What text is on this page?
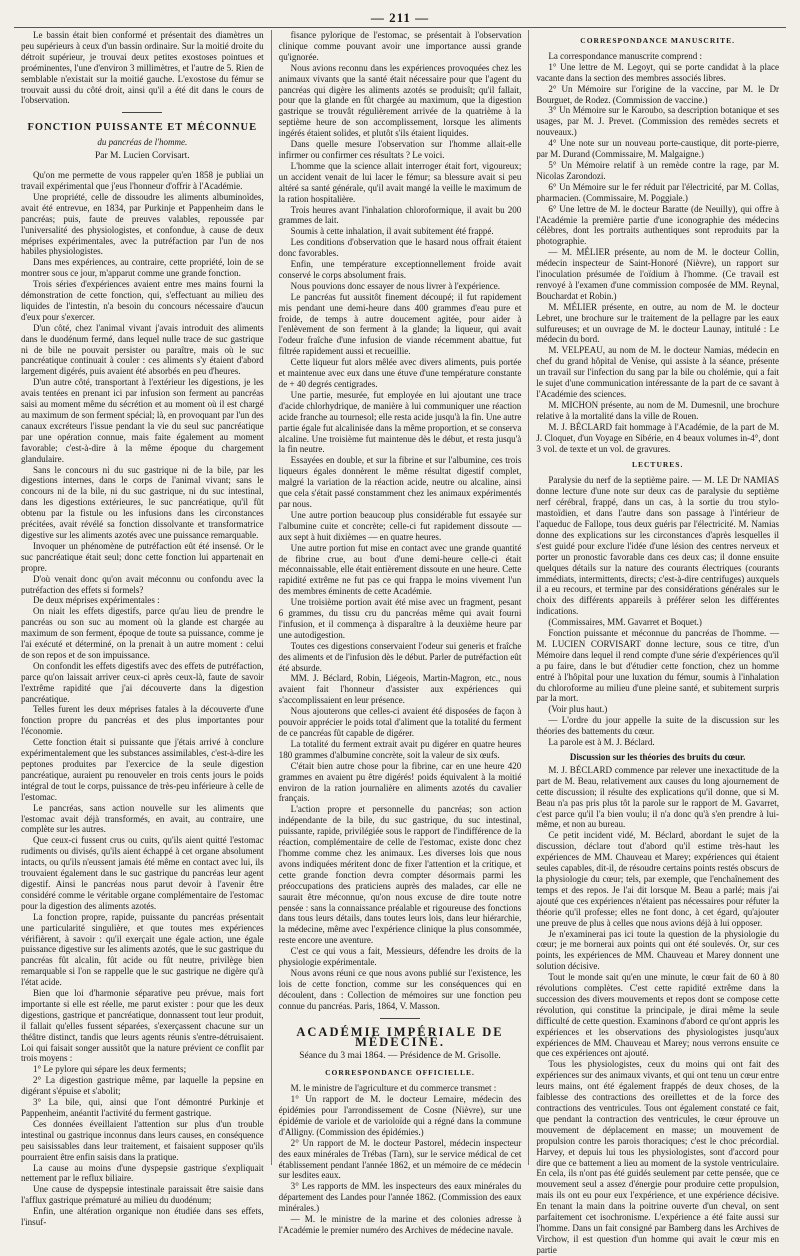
— 211 —

Le bassin était bien conformé et présentait des diamètres un peu supérieurs à ceux d'un bassin ordinaire. Sur la moitié droite du détroit supérieur, je trouvai deux petites exostoses pointues et proéminentes, l'une d'environ 3 millimètres, et l'autre de 5. Rien de semblable n'existait sur la moitié gauche. L'exostose du fémur se trouvait aussi du côté droit, ainsi qu'il a été dit dans le cours de l'observation.

FONCTION PUISSANTE ET MÉCONNUE
du pancréas de l'homme.
Par M. Lucien Corvisart.

Qu'on me permette de vous rappeler qu'en 1858 je publiai un travail expérimental que j'eus l'honneur d'offrir à l'Académie.

Une propriété, celle de dissoudre les aliments albuminoïdes, avait été entrevue, en 1834, par Purkinje et Pappenheim dans le pancréas; puis, faute de preuves valables, repoussée par l'universalité des physiologistes, et confondue, à cause de deux méprises expérimentales, avec la putréfaction par l'un de nos habiles physiologistes.

Dans mes expériences, au contraire, cette propriété, loin de se montrer sous ce jour, m'apparut comme une grande fonction.

Trois séries d'expériences avaient entre mes mains fourni la démonstration de cette fonction, qui, s'effectuant au milieu des liquides de l'intestin, n'a besoin du concours nécessaire d'aucun d'eux pour s'exercer.

D'un côté, chez l'animal vivant j'avais introduit des aliments dans le duodénum fermé, dans lequel nulle trace de suc gastrique ni de bile ne pouvait persister ou paraître, mais où le suc pancréatique continuait à couler : ces aliments s'y étaient d'abord largement digérés, puis avaient été absorbés en peu d'heures.

D'un autre côté, transportant à l'extérieur les digestions, je les avais tentées en prenant ici par infusion son ferment au pancréas saisi au moment même du sécrétion et au moment où il est chargé au maximum de son ferment spécial; là, en provoquant par l'un des canaux excréteurs l'issue pendant la vie du seul suc pancréatique par une opération connue, mais faite également au moment favorable; c'est-à-dire à la même époque du chargement glandulaire.

Sans le concours ni du suc gastrique ni de la bile, par les digestions internes, dans le corps de l'animal vivant; sans le concours ni de la bile, ni du suc gastrique, ni du suc intestinal, dans les digestions extérieures, le suc pancréatique, qu'il fût obtenu par la fistule ou les infusions dans les circonstances précitées, avait révélé sa fonction dissolvante et transformatrice digestive sur les aliments azotés avec une puissance remarquable.

Invoquer un phénomène de putréfaction eût été insensé. Or le suc pancréatique était seul; donc cette fonction lui appartenait en propre.

D'où venait donc qu'on avait méconnu ou confondu avec la putréfaction des effets si formels?

De deux méprises expérimentales :

On niait les effets digestifs, parce qu'au lieu de prendre le pancréas ou son suc au moment où la glande est chargée au maximum de son ferment, époque de toute sa puissance, comme je l'ai exécuté et déterminé, on la prenait à un autre moment : celui de son repos et de son impuissance.

On confondit les effets digestifs avec des effets de putréfaction, parce qu'on laissait arriver ceux-ci après ceux-là, faute de savoir l'extrême rapidité que j'ai découverte dans la digestion pancréatique.

Telles furent les deux méprises fatales à la découverte d'une fonction propre du pancréas et des plus importantes pour l'économie.

Cette fonction était si puissante que j'étais arrivé à conclure expérimentalement que les substances assimilables, c'est-à-dire les peptones produites par l'exercice de la seule digestion pancréatique, auraient pu renouveler en trois cents jours le poids intégral de tout le corps, puissance de très-peu inférieure à celle de l'estomac.

Le pancréas, sans action nouvelle sur les aliments que l'estomac avait déjà transformés, en avait, au contraire, une complète sur les autres.

Que ceux-ci fussent crus ou cuits, qu'ils aient quitté l'estomac rudiments ou divisés, qu'ils aient échappé à cet organe absolument intacts, ou qu'ils n'eussent jamais été même en contact avec lui, ils trouvaient également dans le suc gastrique du pancréas leur agent digestif. Ainsi le pancréas nous parut devoir à l'avenir être considéré comme le véritable organe complémentaire de l'estomac pour la digestion des aliments azotés.

La fonction propre, rapide, puissante du pancréas présentait une particularité singulière, et que toutes mes expériences vérifièrent, à savoir : qu'il exerçait une égale action, une égale puissance digestive sur les aliments azotés, que le suc gastrique du pancréas fût alcalin, fût acide ou fût neutre, privilège bien remarquable si l'on se rappelle que le suc gastrique ne digère qu'à l'état acide.

Bien que loi d'harmonie séparative peu prévue, mais fort importante si elle est réelle, me parut exister : pour que les deux digestions, gastrique et pancréatique, donnassent tout leur produit, il fallait qu'elles fussent séparées, s'exerçassent chacune sur un théâtre distinct, tandis que leurs agents réunis s'entre-détruisaient. Loi qui faisait songer aussitôt que la nature prévient ce conflit par trois moyens :

1° Le pylore qui sépare les deux ferments;

2° La digestion gastrique même, par laquelle la pepsine en digérant s'épuise et s'abolit;

3° La bile, qui, ainsi que l'ont démontré Purkinje et Pappenheim, anéantit l'activité du ferment gastrique.

Ces données éveillaient l'attention sur plus d'un trouble intestinal ou gastrique inconnus dans leurs causes, en conséquence peu saisissables dans leur traitement, et faisaient supposer qu'ils pourraient être enfin saisis dans la pratique.

La cause au moins d'une dyspepsie gastrique s'expliquait nettement par le reflux biliaire.

Une cause de dyspepsie intestinale paraissait être saisie dans l'afflux gastrique prématuré au milieu du duodénum;

Enfin, une altération organique non étudiée dans ses effets, l'insuf-

fisance pylorique de l'estomac, se présentait à l'observation clinique comme pouvant avoir une importance aussi grande qu'ignorée.

Nous avions reconnu dans les expériences provoquées chez les animaux vivants que la santé était nécessaire pour que l'agent du pancréas qui digère les aliments azotés se produisît; qu'il fallait, pour que la glande en fût chargée au maximum, que la digestion gastrique se trouvât régulièrement arrivée de la quatrième à la septième heure de son accomplissement, lorsque les aliments ingérés étaient solides, et plutôt s'ils étaient liquides.

Dans quelle mesure l'observation sur l'homme allait-elle infirmer ou confirmer ces résultats ? Le voici.

L'homme que la science allait interroger était fort, vigoureux; un accident venait de lui lacer le fémur; sa blessure avait si peu altéré sa santé générale, qu'il avait mangé la veille le maximum de la ration hospitalière.

Trois heures avant l'inhalation chloroformique, il avait bu 200 grammes de lait.

Soumis à cette inhalation, il avait subitement été frappé.

Les conditions d'observation que le hasard nous offrait étaient donc favorables.

Enfin, une température exceptionnellement froide avait conservé le corps absolument frais.

Nous pouvions donc essayer de nous livrer à l'expérience.

Le pancréas fut aussitôt finement découpé; il fut rapidement mis pendant une demi-heure dans 400 grammes d'eau pure et froide, de temps à autre doucement agitée, pour aider à l'enlèvement de son ferment à la glande; la liqueur, qui avait l'odeur fraîche d'une infusion de viande récemment abattue, fut filtrée rapidement aussi et recueillie.

Cette liqueur fut alors mêlée avec divers aliments, puis portée et maintenue avec eux dans une étuve d'une température constante de + 40 degrés centigrades.

Une partie, mesurée, fut employée en lui ajoutant une trace d'acide chlorhydrique, de manière à lui communiquer une réaction acide franche au tournesol; elle resta acide jusqu'à la fin. Une autre partie égale fut alcalinisée dans la même proportion, et se conserva alcaline. Une troisième fut maintenue dès le début, et resta jusqu'à la fin neutre.

Essayées en double, et sur la fibrine et sur l'albumine, ces trois liqueurs égales donnèrent le même résultat digestif complet, malgré la variation de la réaction acide, neutre ou alcaline, ainsi que cela s'était passé constamment chez les animaux expérimentés par nous.

Une autre portion beaucoup plus considérable fut essayée sur l'albumine cuite et concrète; celle-ci fut rapidement dissoute — aux sept à huit dixièmes — en quatre heures.

Une autre portion fut mise en contact avec une grande quantité de fibrine crue, au bout d'une demi-heure celle-ci était méconnaissable, elle était entièrement dissoute en une heure. Cette rapidité extrême ne fut pas ce qui frappa le moins vivement l'un des membres éminents de cette Académie.

Une troisième portion avait été mise avec un fragment, pesant 6 grammes, du tissu cru du pancréas même qui avait fourni l'infusion, et il commença à disparaître à la deuxième heure par une autodigestion.

Toutes ces digestions conservaient l'odeur sui generis et fraîche des aliments et de l'infusion dès le début. Parler de putréfaction eût été absurde.

MM. J. Béclard, Robin, Liégeois, Martin-Magron, etc., nous avaient fait l'honneur d'assister aux expériences qui s'accomplissaient en leur présence.

Nous ajouterons que celles-ci avaient été disposées de façon à pouvoir apprécier le poids total d'aliment que la totalité du ferment de ce pancréas fût capable de digérer.

La totalité du ferment extrait avait pu digérer en quatre heures 180 grammes d'albumine concrète, soit la valeur de six œufs.

C'était bien autre chose pour la fibrine, car en une heure 420 grammes en avaient pu être digérés! poids équivalent à la moitié environ de la ration journalière en aliments azotés du cavalier français.

L'action propre et personnelle du pancréas; son action indépendante de la bile, du suc gastrique, du suc intestinal, puissante, rapide, privilégiée sous le rapport de l'indifférence de la réaction, complémentaire de celle de l'estomac, existe donc chez l'homme comme chez les animaux. Les diverses lois que nous avons indiquées méritent donc de fixer l'attention et la critique, et cette grande fonction devra compter désormais parmi les préoccupations des praticiens auprès des malades, car elle ne saurait être méconnue, qu'on nous excuse de dire toute notre pensée : sans la connaissance préalable et rigoureuse des fonctions dans tous leurs détails, dans toutes leurs lois, dans leur hiérarchie, la médecine, même avec l'expérience clinique la plus consommée, reste encore une aventure.

C'est ce qui vous a fait, Messieurs, défendre les droits de la physiologie expérimentale.

Nous avons réuni ce que nous avons publié sur l'existence, les lois de cette fonction, comme sur les conséquences qui en découlent, dans : Collection de mémoires sur une fonction peu connue du pancréas. Paris, 1864, V. Masson.

ACADÉMIE IMPÉRIALE DE MÉDECINE.
Séance du 3 mai 1864. — Présidence de M. Grisolle.
CORRESPONDANCE OFFICIELLE.

M. le ministre de l'agriculture et du commerce transmet :

1° Un rapport de M. le docteur Lemaire, médecin des épidémies pour l'arrondissement de Cosne (Nièvre), sur une épidémie de variole et de varioloïde qui a régné dans la commune d'Alligny. (Commission des épidémies.)

2° Un rapport de M. le docteur Pastorel, médecin inspecteur des eaux minérales de Trébas (Tarn), sur le service médical de cet établissement pendant l'année 1862, et un mémoire de ce médecin sur lesdites eaux.

3° Les rapports de MM. les inspecteurs des eaux minérales du département des Landes pour l'année 1862. (Commission des eaux minérales.)

— M. le ministre de la marine et des colonies adresse à l'Académie le premier numéro des Archives de médecine navale.

CORRESPONDANCE MANUSCRITE.

La correspondance manuscrite comprend :

1° Une lettre de M. Legoyt, qui se porte candidat à la place vacante dans la section des membres associés libres.

2° Un Mémoire sur l'origine de la vaccine, par M. le Dr Bourguet, de Rodez. (Commission de vaccine.)

3° Un Mémoire sur le Karoubo, sa description botanique et ses usages, par M. J. Prevet. (Commission des remèdes secrets et nouveaux.)

4° Une note sur un nouveau porte-caustique, dit porte-pierre, par M. Durand (Commissaire, M. Malgaigne.)

5° Un Mémoire relatif à un remède contre la rage, par M. Nicolas Zarondozi.

6° Un Mémoire sur le fer réduit par l'électricité, par M. Collas, pharmacien. (Commissaire, M. Poggiale.)

6° Une lettre de M. le docteur Baratte (de Neuilly), qui offre à l'Académie la première partie d'une iconographie des médecins célèbres, dont les portraits authentiques sont reproduits par la photographie.

— M. MÉLIER présente, au nom de M. le docteur Collin, médecin inspecteur de Saint-Honoré (Nièvre), un rapport sur l'inoculation présumée de l'oïdium à l'homme. (Ce travail est renvoyé à l'examen d'une commission composée de MM. Reynal, Bouchardat et Robin.)

M. MÉLIER présente, en outre, au nom de M. le docteur Lebret, une brochure sur le traitement de la pellagre par les eaux sulfureuses; et un ouvrage de M. le docteur Launay, intitulé : Le médecin du bord.

M. VELPEAU, au nom de M. le docteur Namias, médecin en chef du grand hôpital de Venise, qui assiste à la séance, présente un travail sur l'infection du sang par la bile ou cholémie, qui a fait le sujet d'une communication intéressante de la part de ce savant à l'Académie des sciences.

M. MICHON présente, au nom de M. Dumesnil, une brochure relative à la mortalité dans la ville de Rouen.

M. J. BÉCLARD fait hommage à l'Académie, de la part de M. J. Cloquet, d'un Voyage en Sibérie, en 4 beaux volumes in-4°, dont 3 vol. de texte et un vol. de gravures.

LECTURES.

Paralysie du nerf de la septième paire. — M. LE Dr NAMIAS donne lecture d'une note sur deux cas de paralysie du septième nerf cérébral, frappé, dans un cas, à la sortie du trou stylo-mastoïdien, et dans l'autre dans son passage à l'intérieur de l'aqueduc de Fallope, tous deux guéris par l'électricité. M. Namias donne des explications sur les circonstances d'après lesquelles il s'est guidé pour exclure l'idée d'une lésion des centres nerveux et porter un pronostic favorable dans ces deux cas; il donne ensuite quelques détails sur la nature des courants électriques (courants immédiats, intermittents, directs; c'est-à-dire centrifuges) auxquels il a eu recours, et termine par des considérations générales sur le choix des différents appareils à préférer selon les différentes indications.

(Commissaires, MM. Gavarret et Boquet.)

Fonction puissante et méconnue du pancréas de l'homme. — M. LUCIEN CORVISART donne lecture, sous ce titre, d'un Mémoire dans lequel il rend compte d'une série d'expériences qu'il a pu faire, dans le but d'étudier cette fonction, chez un homme entré à l'hôpital pour une luxation du fémur, soumis à l'inhalation du chloroforme au milieu d'une pleine santé, et subitement surpris par la mort.

(Voir plus haut.)

— L'ordre du jour appelle la suite de la discussion sur les théories des battements du cœur.

La parole est à M. J. Béclard.

Discussion sur les théories des bruits du cœur.

M. J. BÉCLARD commence par relever une inexactitude de la part de M. Beau, relativement aux causes du long ajournement de cette discussion; il résulte des explications qu'il donne, que si M. Beau n'a pas pris plus tôt la parole sur le rapport de M. Gavarret, c'est parce qu'il l'a bien voulu; il n'a donc qu'à s'en prendre à lui-même, et non au bureau.

Ce petit incident vidé, M. Béclard, abordant le sujet de la discussion, déclare tout d'abord qu'il estime très-haut les expériences de MM. Chauveau et Marey; expériences qui étaient seules capables, dit-il, de résoudre certains points restés obscurs de la physiologie du cœur; tels, par exemple, que l'enchaînement des temps et des repos. Je l'ai dit lorsque M. Beau a parlé; mais j'ai ajouté que ces expériences n'étaient pas nécessaires pour réfuter la théorie qu'il professe; elles ne font donc, à cet égard, qu'ajouter une preuve de plus à celles que nous avions déjà à lui opposer.

Je n'examinerai pas ici toute la question de la physiologie du cœur; je me bornerai aux points qui ont été soulevés. Or, sur ces points, les expériences de MM. Chauveau et Marey donnent une solution décisive.

Tout le monde sait qu'en une minute, le cœur fait de 60 à 80 révolutions complètes. C'est cette rapidité extrême dans la succession des divers mouvements et repos dont se compose cette révolution, qui constitue la principale, je dirai même la seule difficulté de cette question. Examinons d'abord ce qu'ont appris les expériences et les observations des physiologistes jusqu'aux expériences de MM. Chauveau et Marey; nous verrons ensuite ce que ces expériences ont ajouté.

Tous les physiologistes, ceux du moins qui ont fait des expériences sur des animaux vivants, et qui ont tenu un cœur entre leurs mains, ont été également frappés de deux choses, de la faiblesse des contractions des oreillettes et de la force des contractions des ventricules. Tous ont également constaté ce fait, que pendant la contraction des ventricules, le cœur éprouve un mouvement de déplacement en masse; un mouvement de propulsion contre les parois thoraciques; c'est le choc précordial. Harvey, et depuis lui tous les physiologistes, sont d'accord pour dire que ce battement a lieu au moment de la systole ventriculaire. En cela, ils n'ont pas été guidés seulement par cette pensée, que ce mouvement seul a assez d'énergie pour produire cette propulsion, mais ils ont eu pour eux l'expérience, et une expérience décisive. En tenant la main dans la poitrine ouverte d'un cheval, on sent parfaitement cet isochronisme. L'expérience a été faite aussi sur l'homme. Dans un fait consigné par Bamberg dans les Archives de Virchow, il est question d'un homme qui avait le cœur mis en partie
